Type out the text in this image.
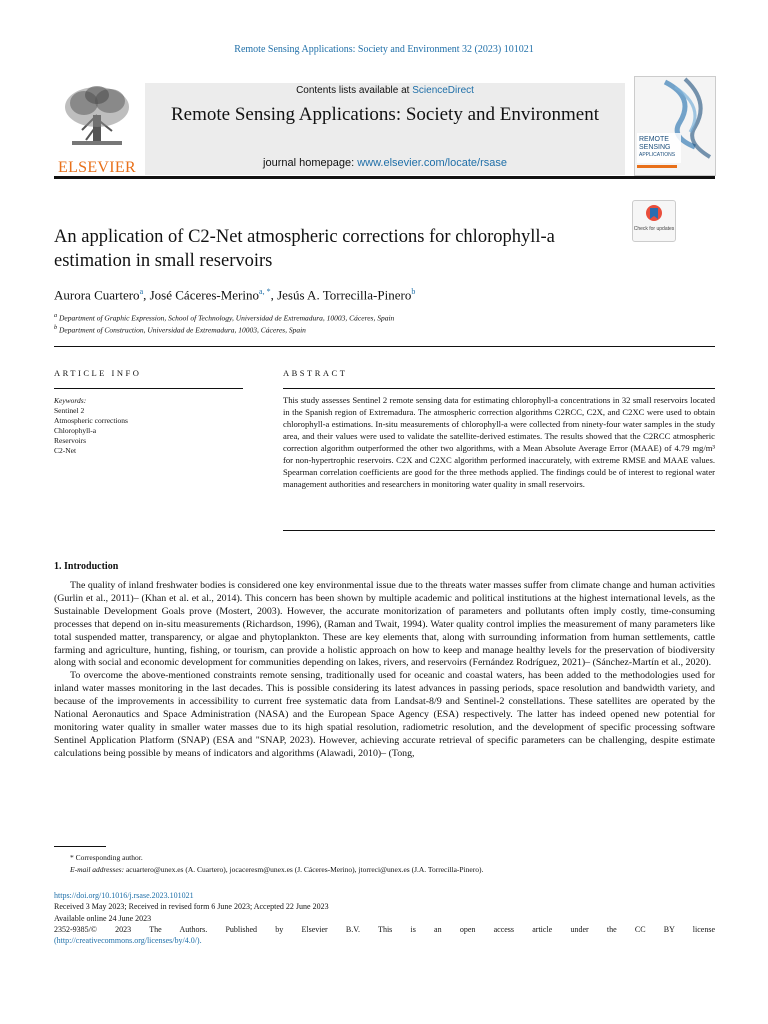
Remote Sensing Applications: Society and Environment 32 (2023) 101021
ELSEVIER
Contents lists available at ScienceDirect
Remote Sensing Applications: Society and Environment
journal homepage: www.elsevier.com/locate/rsase
REMOTE
SENSING
APPLICATIONS
Check for updates
An application of C2-Net atmospheric corrections for chlorophyll-a estimation in small reservoirs
Aurora Cuartero$^a$, José Cáceres-Merino$^{a, *}$, Jesús A. Torrecilla-Pinero$^b$
$^a$ Department of Graphic Expression, School of Technology, Universidad de Extremadura, 10003, Cáceres, Spain
$^b$ Department of Construction, Universidad de Extremadura, 10003, Cáceres, Spain
ARTICLE INFO	ABSTRACT
Keywords:
Sentinel 2
Atmospheric corrections
Chlorophyll-a
Reservoirs
C2-Net
This study assesses Sentinel 2 remote sensing data for estimating chlorophyll-a concentrations in 32 small reservoirs located in the Spanish region of Extremadura. The atmospheric correction algorithms C2RCC, C2X, and C2XC were used to obtain chlorophyll-a estimations. In-situ measurements of chlorophyll-a were collected from ninety-four water samples in the study area, and their values were used to validate the satellite-derived estimates. The results showed that the C2RCC atmospheric correction algorithm outperformed the other two algorithms, with a Mean Absolute Average Error (MAAE) of 4.79 mg/m³ for non-hypertrophic reservoirs. C2X and C2XC algorithm performed inaccurately, with extreme RMSE and MAAE values. Spearman correlation coefficients are good for the three methods applied. The findings could be of interest to regional water management authorities and researchers in monitoring water quality in small reservoirs.
1. Introduction

The quality of inland freshwater bodies is considered one key environmental issue due to the threats water masses suffer from climate change and human activities (Gurlin et al., 2011)– (Khan et al. et al., 2014). This concern has been shown by multiple academic and political institutions at the highest international levels, as the Sustainable Development Goals prove (Mostert, 2003). However, the accurate monitorization of parameters and pollutants often imply costly, time-consuming processes that depend on in-situ measurements (Richardson, 1996), (Raman and Twait, 1994). Water quality control implies the measurement of many parameters like total suspended matter, transparency, or algae and phytoplankton. These are key elements that, along with surrounding information from human settlements, cattle farming and agriculture, hunting, fishing, or tourism, can provide a holistic approach on how to keep and manage healthy levels for the preservation of biodiversity along with social and economic development for communities depending on lakes, rivers, and reservoirs (Fernández Rodríguez, 2021)– (Sánchez-Martín et al., 2020).

To overcome the above-mentioned constraints remote sensing, traditionally used for oceanic and coastal waters, has been added to the methodologies used for inland water masses monitoring in the last decades. This is possible considering its latest advances in passing periods, space resolution and bandwidth variety, and because of the improvements in accessibility to current free systematic data from Landsat-8/9 and Sentinel-2 constellations. These satellites are operated by the National Aeronautics and Space Administration (NASA) and the European Space Agency (ESA) respectively. The latter has indeed opened new potential for monitoring water quality in smaller water masses due to its high spatial resolution, radiometric resolution, and the development of specific processing software Sentinel Application Platform (SNAP) (ESA and "SNAP, 2023). However, achieving accurate retrieval of specific parameters can be challenging, despite estimate calculations being possible by means of indicators and algorithms (Alawadi, 2010)– (Tong,

* Corresponding author.
E-mail addresses: acuartero@unex.es (A. Cuartero), jocaceresm@unex.es (J. Cáceres-Merino), jtorreci@unex.es (J.A. Torrecilla-Pinero).
https://doi.org/10.1016/j.rsase.2023.101021
Received 3 May 2023; Received in revised form 6 June 2023; Accepted 22 June 2023
Available online 24 June 2023
2352-9385/© 2023 The Authors. Published by Elsevier B.V. This is an open access article under the CC BY license
(http://creativecommons.org/licenses/by/4.0/).
